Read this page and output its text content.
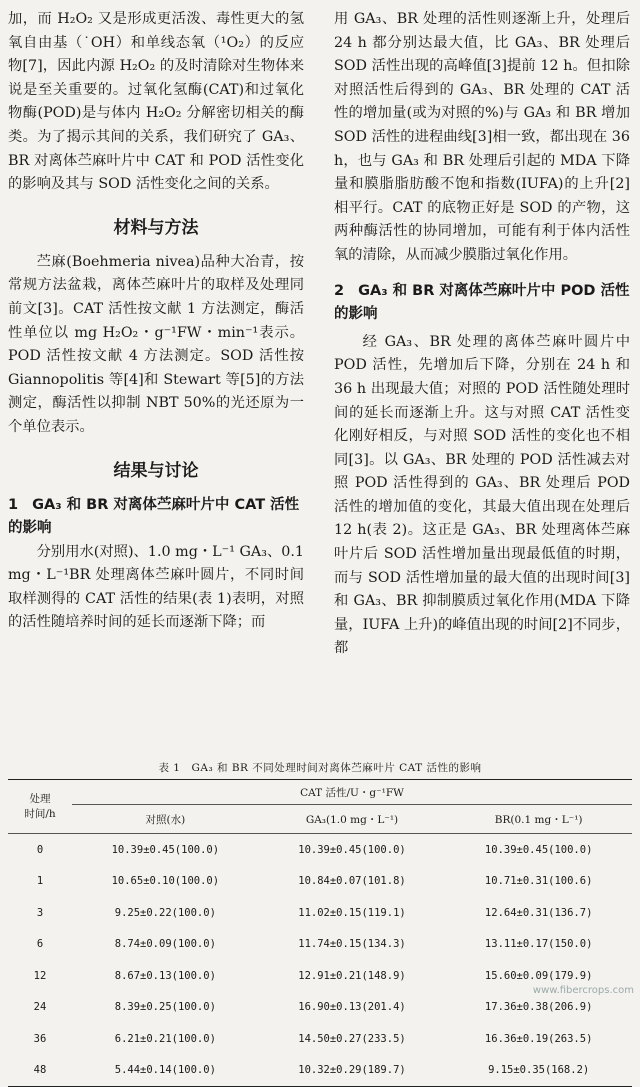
加，而 H₂O₂ 又是形成更活泼、毒性更大的氢氧自由基（˙OH）和单线态氧（¹O₂）的反应物[7]，因此内源 H₂O₂ 的及时清除对生物体来说是至关重要的。过氧化氢酶(CAT)和过氧化物酶(POD)是与体内 H₂O₂ 分解密切相关的酶类。为了揭示其间的关系，我们研究了 GA₃、BR 对离体苎麻叶片中 CAT 和 POD 活性变化的影响及其与 SOD 活性变化之间的关系。

材料与方法

苎麻(Boehmeria nivea)品种大冶青，按常规方法盆栽，离体苎麻叶片的取样及处理同前文[3]。CAT 活性按文献 1 方法测定，酶活性单位以 mg H₂O₂・g⁻¹FW・min⁻¹表示。POD 活性按文献 4 方法测定。SOD 活性按 Giannopolitis 等[4]和 Stewart 等[5]的方法测定，酶活性以抑制 NBT 50%的光还原为一个单位表示。

结果与讨论
1 GA₃ 和 BR 对离体苎麻叶片中 CAT 活性的影响

分别用水(对照)、1.0 mg・L⁻¹ GA₃、0.1 mg・L⁻¹BR 处理离体苎麻叶圆片，不同时间取样测得的 CAT 活性的结果(表 1)表明，对照的活性随培养时间的延长而逐渐下降；而

用 GA₃、BR 处理的活性则逐渐上升，处理后 24 h 都分别达最大值，比 GA₃、BR 处理后 SOD 活性出现的高峰值[3]提前 12 h。但扣除对照活性后得到的 GA₃、BR 处理的 CAT 活性的增加量(或为对照的%)与 GA₃ 和 BR 增加 SOD 活性的进程曲线[3]相一致，都出现在 36 h，也与 GA₃ 和 BR 处理后引起的 MDA 下降量和膜脂脂肪酸不饱和指数(IUFA)的上升[2]相平行。CAT 的底物正好是 SOD 的产物，这两种酶活性的协同增加，可能有利于体内活性氧的清除，从而减少膜脂过氧化作用。

2 GA₃ 和 BR 对离体苎麻叶片中 POD 活性的影响

经 GA₃、BR 处理的离体苎麻叶圆片中 POD 活性，先增加后下降，分别在 24 h 和 36 h 出现最大值；对照的 POD 活性随处理时间的延长而逐渐上升。这与对照 CAT 活性变化刚好相反，与对照 SOD 活性的变化也不相同[3]。以 GA₃、BR 处理的 POD 活性减去对照 POD 活性得到的 GA₃、BR 处理后 POD 活性的增加值的变化，其最大值出现在处理后 12 h(表 2)。这正是 GA₃、BR 处理离体苎麻叶片后 SOD 活性增加量出现最低值的时期，而与 SOD 活性增加量的最大值的出现时间[3]和 GA₃、BR 抑制膜质过氧化作用(MDA 下降量，IUFA 上升)的峰值出现的时间[2]不同步，都

表 1　GA₃ 和 BR 不同处理时间对离体苎麻叶片 CAT 活性的影响
处理
时间/h	CAT 活性/U・g⁻¹FW		
	对照(水)	GA₃(1.0 mg・L⁻¹)	BR(0.1 mg・L⁻¹)
0	10.39±0.45(100.0)	10.39±0.45(100.0)	10.39±0.45(100.0)
1	10.65±0.10(100.0)	10.84±0.07(101.8)	10.71±0.31(100.6)
3	9.25±0.22(100.0)	11.02±0.15(119.1)	12.64±0.31(136.7)
6	8.74±0.09(100.0)	11.74±0.15(134.3)	13.11±0.17(150.0)
12	8.67±0.13(100.0)	12.91±0.21(148.9)	15.60±0.09(179.9)
24	8.39±0.25(100.0)	16.90±0.13(201.4)	17.36±0.38(206.9)
36	6.21±0.21(100.0)	14.50±0.27(233.5)	16.36±0.19(263.5)
48	5.44±0.14(100.0)	10.32±0.29(189.7)	9.15±0.35(168.2)
www.fibercrops.com
